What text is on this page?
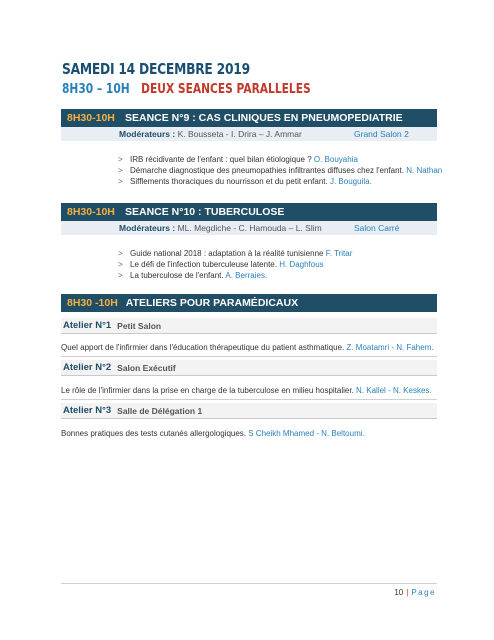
SAMEDI 14 DECEMBRE 2019
8H30 – 10H DEUX SEANCES PARALLELES
8H30-10H SEANCE N°9 : CAS CLINIQUES EN PNEUMOPEDIATRIE
Modérateurs : K. Bousseta - I. Drira – J. Ammar	Grand Salon 2
> IRB récidivante de l'enfant : quel bilan étiologique ? O. Bouyahia
> Démarche diagnostique des pneumopathies infiltrantes diffuses chez l'enfant. N. Nathan
> Sifflements thoraciques du nourrisson et du petit enfant. J. Bouguila.
8H30-10H SEANCE N°10 : TUBERCULOSE
Modérateurs : ML. Megdiche - C. Hamouda – L. Slim	Salon Carré
> Guide national 2018 : adaptation à la réalité tunisienne F. Tritar
> Le défi de l'infection tuberculeuse latente. H. Daghfous
> La tuberculose de l'enfant. A. Berraies.
8H30 -10H ATELIERS POUR PARAMÉDICAUX
Atelier N°1 Petit Salon
Quel apport de l'infirmier dans l'éducation thérapeutique du patient asthmatique. Z. Moatamri - N. Fahem.
Atelier N°2 Salon Exécutif
Le rôle de l'infirmier dans la prise en charge de la tuberculose en milieu hospitalier. N. Kallel - N. Keskes.
Atelier N°3 Salle de Délégation 1
Bonnes pratiques des tests cutanés allergologiques. S Cheikh Mhamed - N. Beltoumi.
10 | Page
